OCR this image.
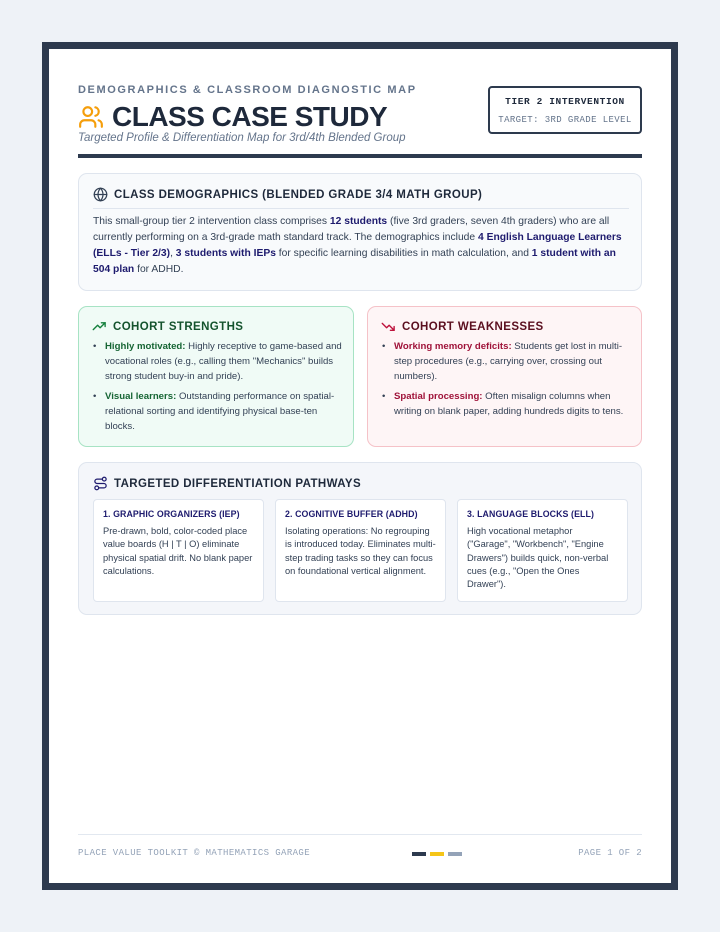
DEMOGRAPHICS & CLASSROOM DIAGNOSTIC MAP
CLASS CASE STUDY
Targeted Profile & Differentiation Map for 3rd/4th Blended Group
TIER 2 INTERVENTION
TARGET: 3RD GRADE LEVEL
CLASS DEMOGRAPHICS (BLENDED GRADE 3/4 MATH GROUP)
This small-group tier 2 intervention class comprises 12 students (five 3rd graders, seven 4th graders) who are all currently performing on a 3rd-grade math standard track. The demographics include 4 English Language Learners (ELLs - Tier 2/3), 3 students with IEPs for specific learning disabilities in math calculation, and 1 student with an 504 plan for ADHD.
COHORT STRENGTHS
• Highly motivated: Highly receptive to game-based and vocational roles (e.g., calling them "Mechanics" builds strong student buy-in and pride).
• Visual learners: Outstanding performance on spatial-relational sorting and identifying physical base-ten blocks.
COHORT WEAKNESSES
• Working memory deficits: Students get lost in multi-step procedures (e.g., carrying over, crossing out numbers).
• Spatial processing: Often misalign columns when writing on blank paper, adding hundreds digits to tens.
TARGETED DIFFERENTIATION PATHWAYS
1. GRAPHIC ORGANIZERS (IEP)
Pre-drawn, bold, color-coded place value boards (H | T | O) eliminate physical spatial drift. No blank paper calculations.
2. COGNITIVE BUFFER (ADHD)
Isolating operations: No regrouping is introduced today. Eliminates multi-step trading tasks so they can focus on foundational vertical alignment.
3. LANGUAGE BLOCKS (ELL)
High vocational metaphor ("Garage", "Workbench", "Engine Drawers") builds quick, non-verbal cues (e.g., "Open the Ones Drawer").
PLACE VALUE TOOLKIT © MATHEMATICS GARAGE	PAGE 1 OF 2
